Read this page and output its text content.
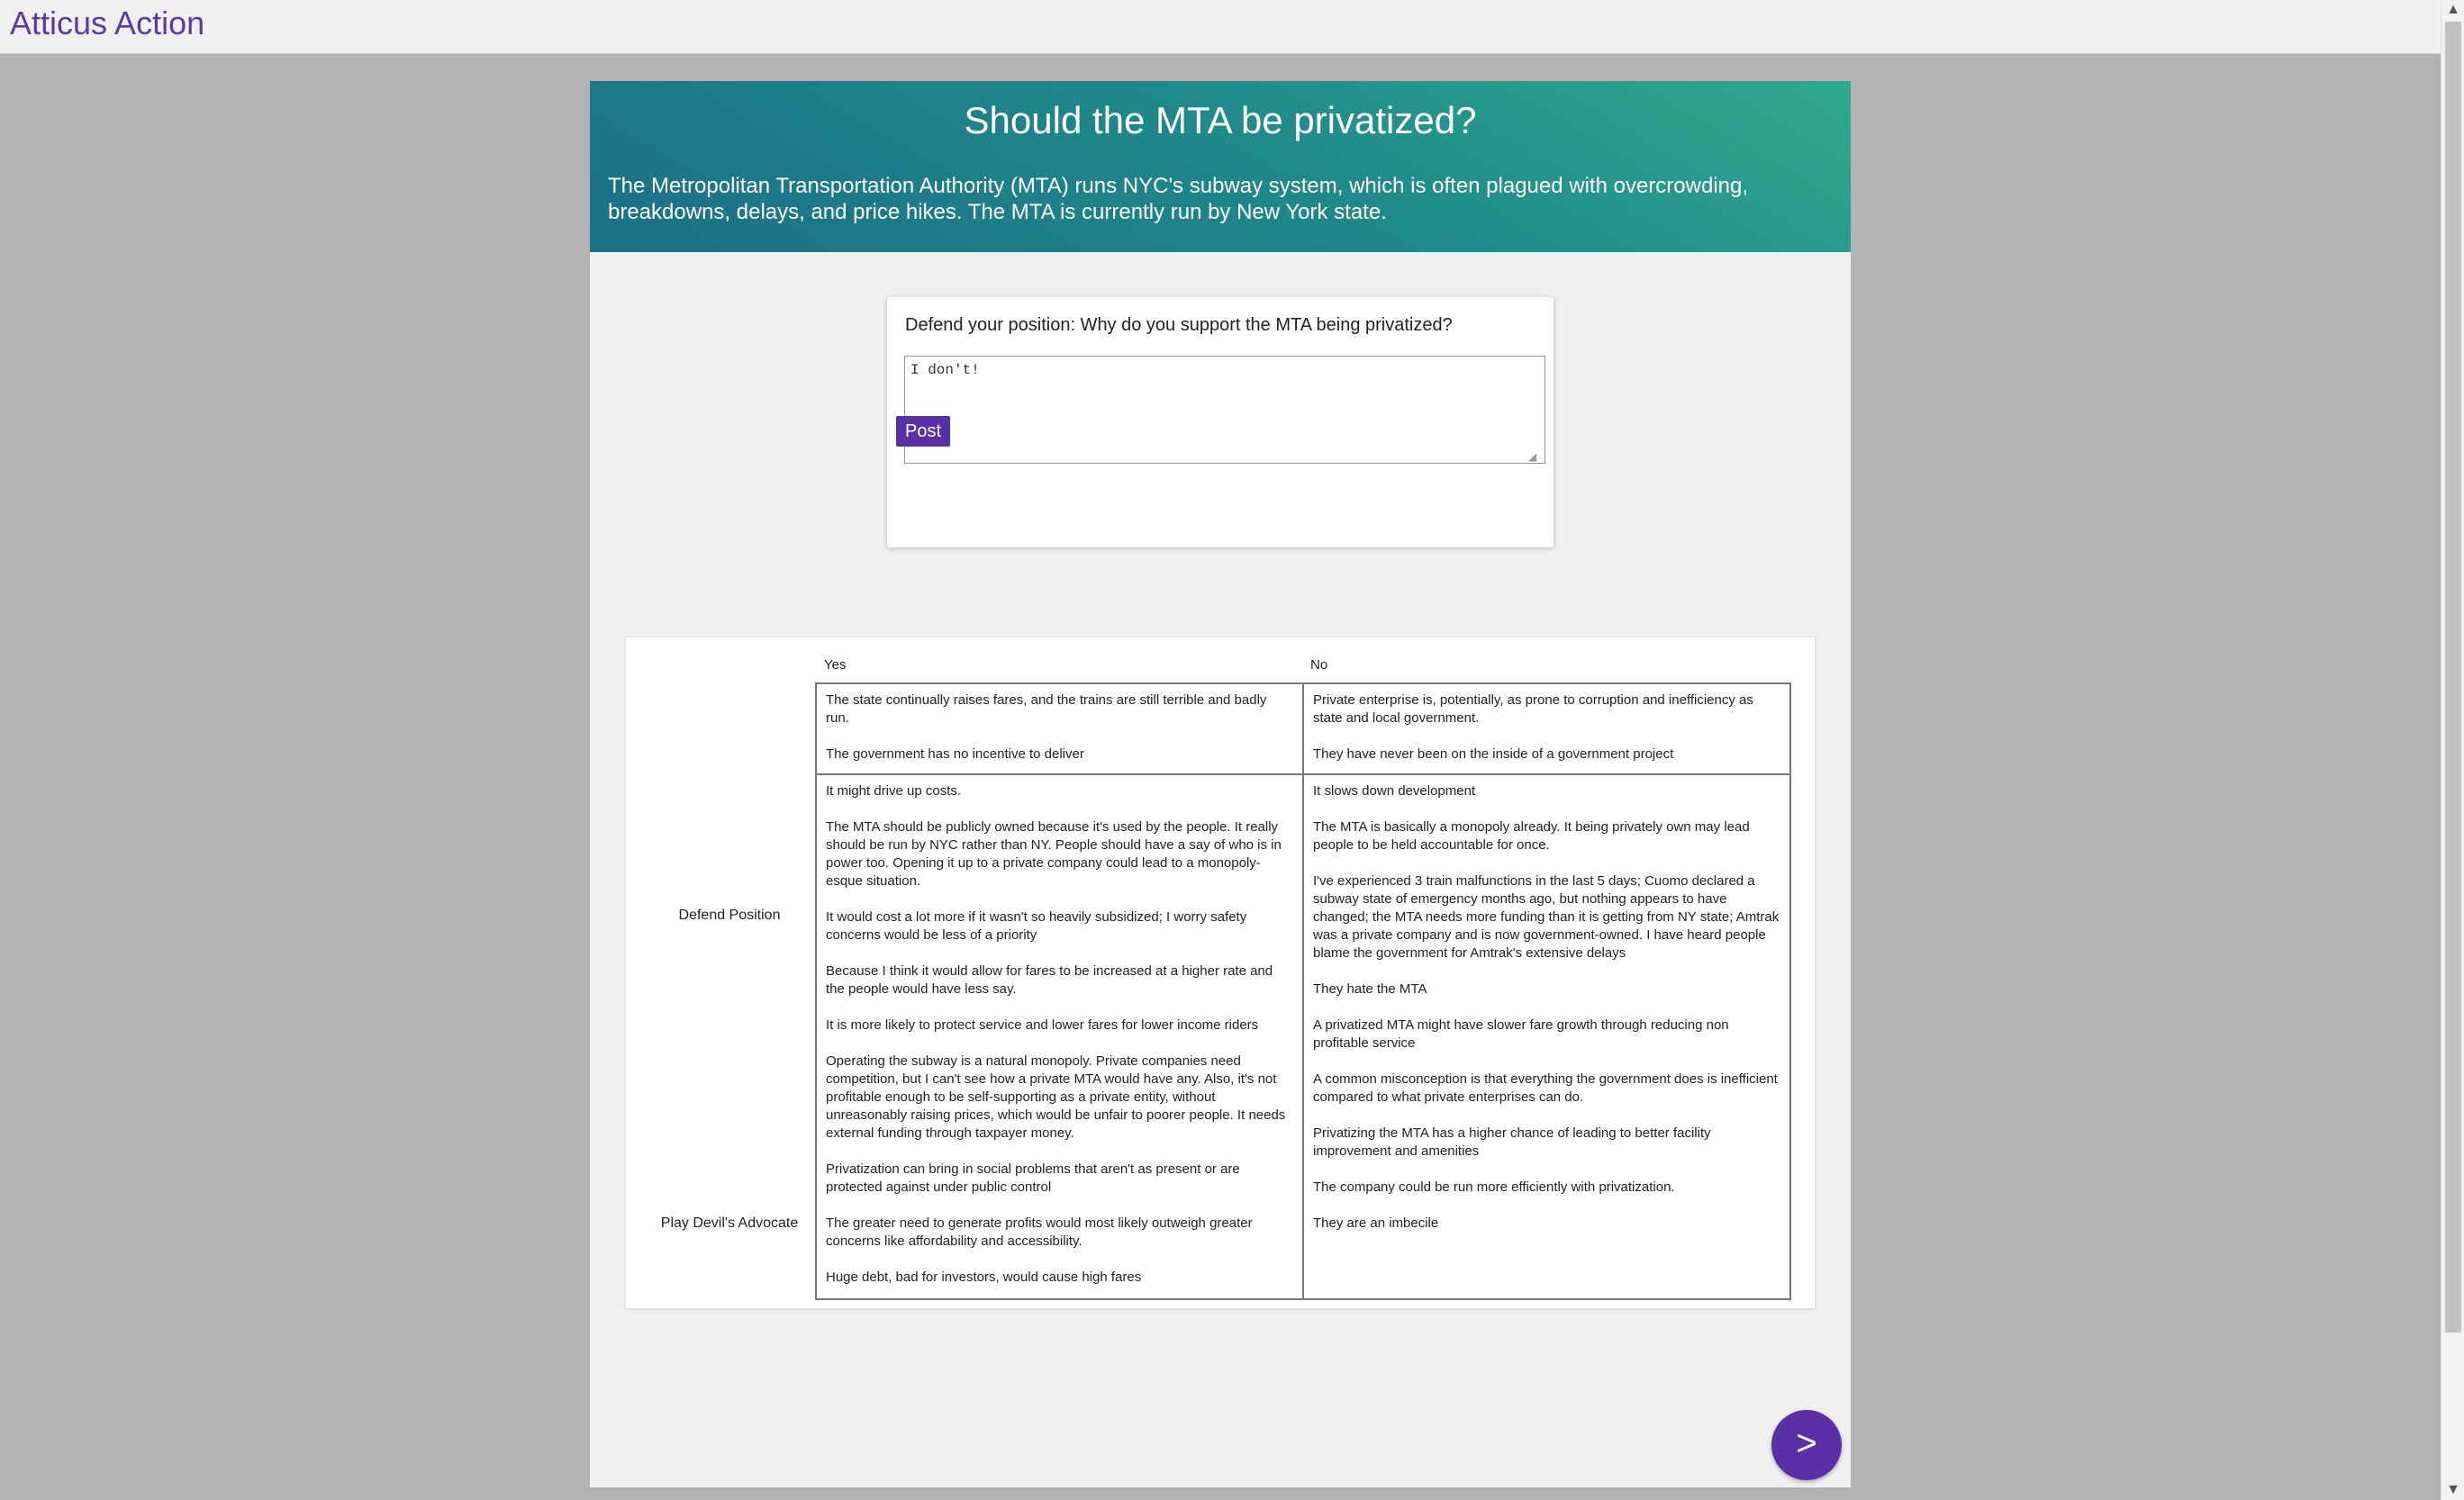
Atticus Action
Should the MTA be privatized?
The Metropolitan Transportation Authority (MTA) runs NYC's subway system, which is often plagued with overcrowding, breakdowns, delays, and price hikes. The MTA is currently run by New York state.
Defend your position: Why do you support the MTA being privatized?
I don't!
◢
Yes	No
Defend Position
Play Devil's Advocate

The state continually raises fares, and the trains are still terrible and badly run.

The government has no incentive to deliver

Private enterprise is, potentially, as prone to corruption and inefficiency as state and local government.

They have never been on the inside of a government project

It might drive up costs.

The MTA should be publicly owned because it's used by the people. It really should be run by NYC rather than NY. People should have a say of who is in power too. Opening it up to a private company could lead to a monopoly-esque situation.

It would cost a lot more if it wasn't so heavily subsidized; I worry safety concerns would be less of a priority

Because I think it would allow for fares to be increased at a higher rate and the people would have less say.

It is more likely to protect service and lower fares for lower income riders

Operating the subway is a natural monopoly. Private companies need competition, but I can't see how a private MTA would have any. Also, it's not profitable enough to be self-supporting as a private entity, without unreasonably raising prices, which would be unfair to poorer people. It needs external funding through taxpayer money.

Privatization can bring in social problems that aren't as present or are protected against under public control

The greater need to generate profits would most likely outweigh greater concerns like affordability and accessibility.

Huge debt, bad for investors, would cause high fares

It slows down development

The MTA is basically a monopoly already. It being privately own may lead people to be held accountable for once.

I've experienced 3 train malfunctions in the last 5 days; Cuomo declared a subway state of emergency months ago, but nothing appears to have changed; the MTA needs more funding than it is getting from NY state; Amtrak was a private company and is now government-owned. I have heard people blame the government for Amtrak's extensive delays

They hate the MTA

A privatized MTA might have slower fare growth through reducing non profitable service

A common misconception is that everything the government does is inefficient compared to what private enterprises can do.

Privatizing the MTA has a higher chance of leading to better facility improvement and amenities

The company could be run more efficiently with privatization.

They are an imbecile

>
Post
▲
▼
